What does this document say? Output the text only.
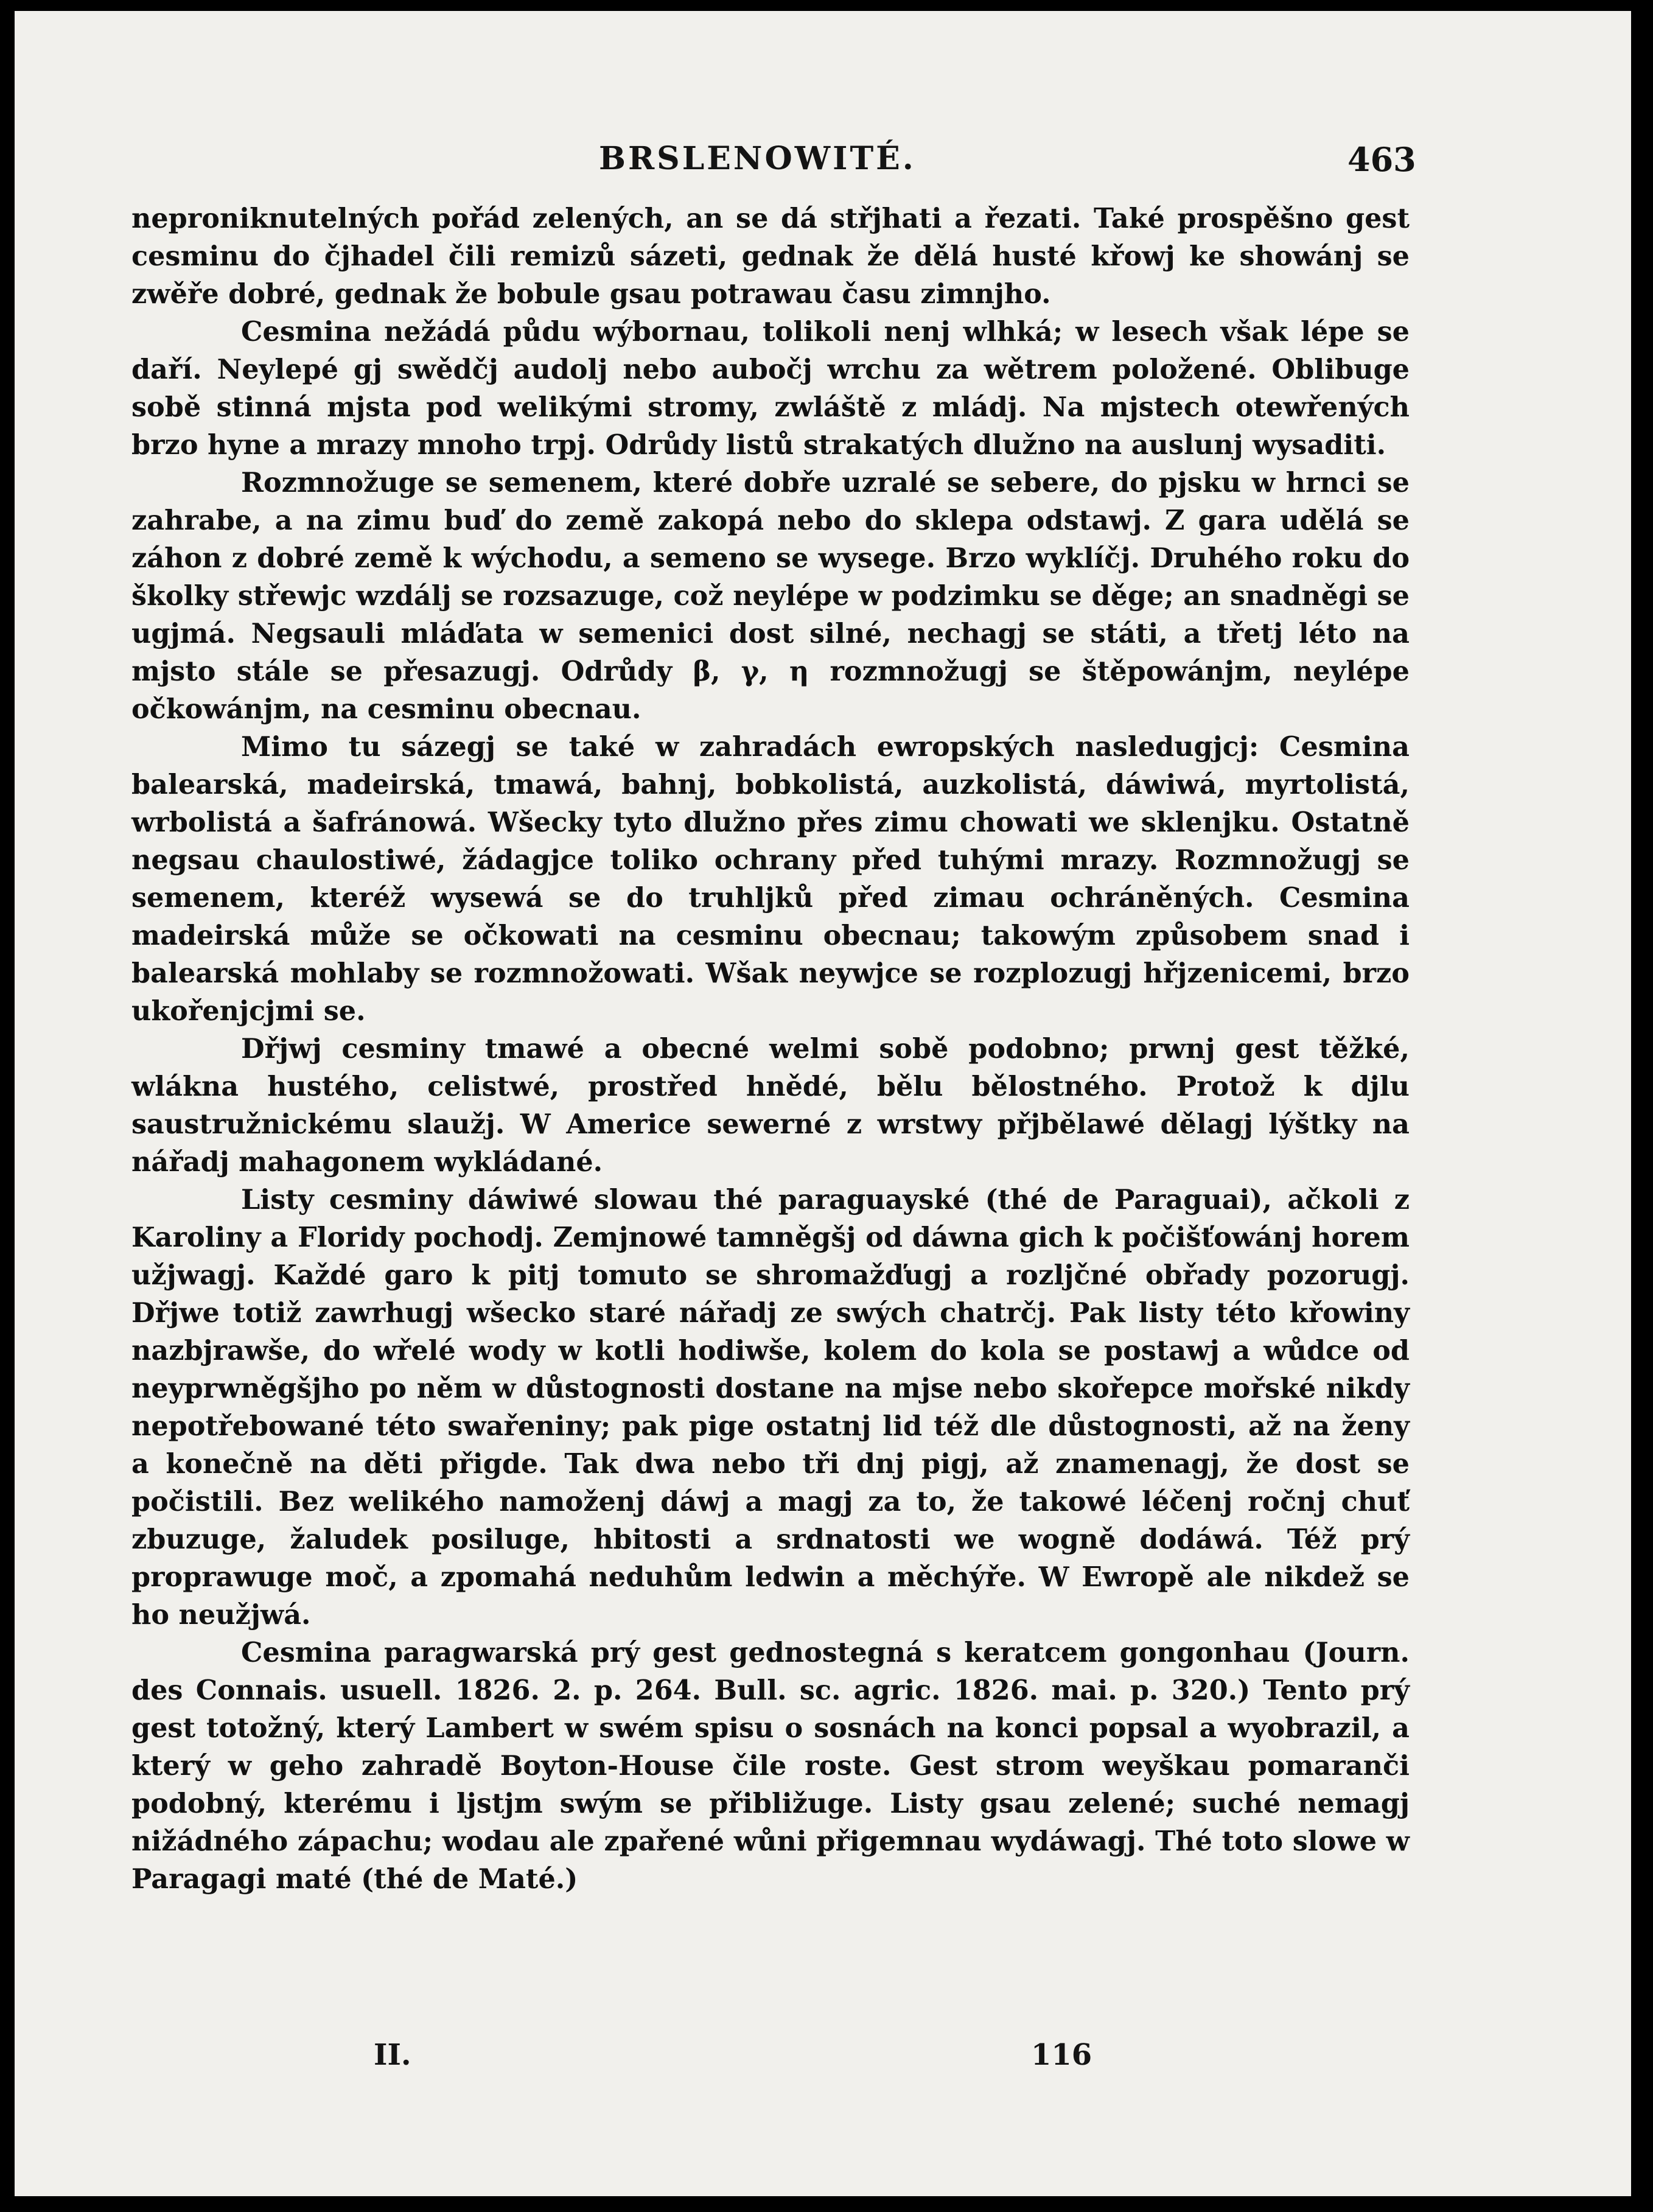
BRSLENOWITÉ.	463

nepronikn​utelných pořád zelených, an se dá střjhati a řezati. Také prospěšno gest cesminu do čjhadel čili remizů sázeti, gednak že dělá husté křowj ke showánj se zwěře dobré, gednak že bobule gsau potrawau času zimnjho.

Cesmina nežádá půdu wýbornau, tolikoli nenj wlhká; w lesech však lépe se daří. Neylepé gj swědčj audolj nebo aubočj wrchu za wětrem položené. Oblibuge sobě stinná mjsta pod welikými stromy, zwláště z mládj. Na mjstech otewřených brzo hyne a mrazy mnoho trpj. Odrůdy listů strakatých dlužno na auslunj wysaditi.

Rozmnožuge se semenem, které dobře uzralé se sebere, do pjsku w hrnci se zahrabe, a na zimu buď do země zakopá nebo do sklepa odstawj. Z gara udělá se záhon z dobré země k wýchodu, a semeno se wysege. Brzo wyklíčj. Druhého roku do školky střewjc wzdálj se rozsazuge, což neylépe w podzimku se děge; an snadněgi se ugjmá. Negsauli mláďata w semenici dost silné, nechagj se státi, a třetj léto na mjsto stále se přesazugj. Odrůdy β, γ, η rozmnožugj se štěpowánjm, neylépe očkowánjm, na cesminu obecnau.

Mimo tu sázegj se také w zahradách ewropských nasledugjcj: Cesmina balearská, madeirská, tmawá, bahnj, bobkolistá, auzkolistá, dáwiwá, myrtolistá, wrbolistá a šafránowá. Wšecky tyto dlužno přes zimu chowati we sklenjku. Ostatně negsau chaulostiwé, žádagjce toliko ochrany před tuhými mrazy. Rozmnožugj se semenem, kteréž wysewá se do truhljků před zimau ochráněných. Cesmina madeirská může se očkowati na cesminu obecnau; takowým způsobem snad i balearská mohlaby se rozmnožowati. Wšak neywjce se rozplozugj hřjzenicemi, brzo ukořenjcjmi se.

Dřjwj cesminy tmawé a obecné welmi sobě podobno; prwnj gest těžké, wlákna hustého, celistwé, prostřed hnědé, bělu bělostného. Protož k djlu saustružnickému slaužj. W Americe sewerné z wrstwy přjbělawé dělagj lýštky na nářadj mahagonem wykládané.

Listy cesminy dáwiwé slowau thé paraguayské (thé de Paraguai), ačkoli z Karoliny a Floridy pochodj. Zemjnowé tamněgšj od dáwna gich k počišťowánj horem užjwagj. Každé garo k pitj tomuto se shromažďugj a rozljčné obřady pozorugj. Dřjwe totiž zawrhugj wšecko staré nářadj ze swých chatrčj. Pak listy této křowiny nazbjrawše, do wřelé wody w kotli hodiwše, kolem do kola se postawj a wůdce od neyprwněgšjho po něm w důstognosti dostane na mjse nebo skořepce mořské nikdy nepotřebowané této swařeniny; pak pige ostatnj lid též dle důstognosti, až na ženy a konečně na děti přigde. Tak dwa nebo tři dnj pigj, až znamenagj, že dost se počistili. Bez welikého namoženj dáwj a magj za to, že takowé léčenj ročnj chuť zbuzuge, žaludek posiluge, hbitosti a srdnatosti we wogně dodáwá. Též prý proprawuge moč, a zpomahá neduhům ledwin a měchýře. W Ewropě ale nikdež se ho neužjwá.

Cesmina paragwarská prý gest gednostegná s keratcem gongonhau (Journ. des Connais. usuell. 1826. 2. p. 264. Bull. sc. agric. 1826. mai. p. 320.) Tento prý gest totožný, který Lambert w swém spisu o sosnách na konci popsal a wyobrazil, a který w geho zahradě Boyton-House čile roste. Gest strom weyškau pomaranči podobný, kterému i ljstjm swým se přibližuge. Listy gsau zelené; suché nemagj nižádného zápachu; wodau ale zpařené wůni přigemnau wydáwagj. Thé toto slowe w Paragagi maté (thé de Maté.)

II.	116
